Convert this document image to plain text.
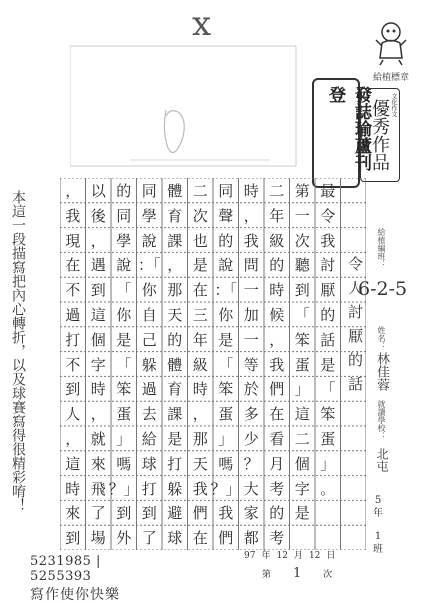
x
給植標章
發誌瑜蘆刊登
優秀作品 文化作文
給植編班：
6-2-5
姓名：
林佳蓉
就讀學校：
北屯
5
年
1
班
最
令
我
討
厭
的
話
是
「
笨
蛋
」
。
第
一
次
聽
到
「
笨
蛋
」
這
二
個
字
是
二
年
級
的
時
候
，
我
們
在
看
月
考
的
考
時
，
我
問
一
加
一
等
於
多
少
？
大
家
都
同
聲
的
說
：「
你
是
「
笨
蛋
」
嗎
？」
我
們
二
次
也
是
在
三
年
級
時
，
那
天
我
們
在
體
育
課
，
那
天
的
體
育
課
是
打
躲
避
球
同
學
說
：「
你
自
己
躲
過
去
給
球
打
到
了
的
同
學
說
「
你
是
「
笨
蛋
」
嗎
？」
到
外
以
後
，
遇
到
這
個
字
時
，
就
來
飛
了
場
，
我
現
在
不
過
打
不
到
人
，
這
時
來
到
令人討厭的話
本這一段描寫把內心轉折，以及球賽寫得很精彩唷！
5231985 | 5255393
寫作使你快樂
97 年 12 月 12 日
第 1 次
